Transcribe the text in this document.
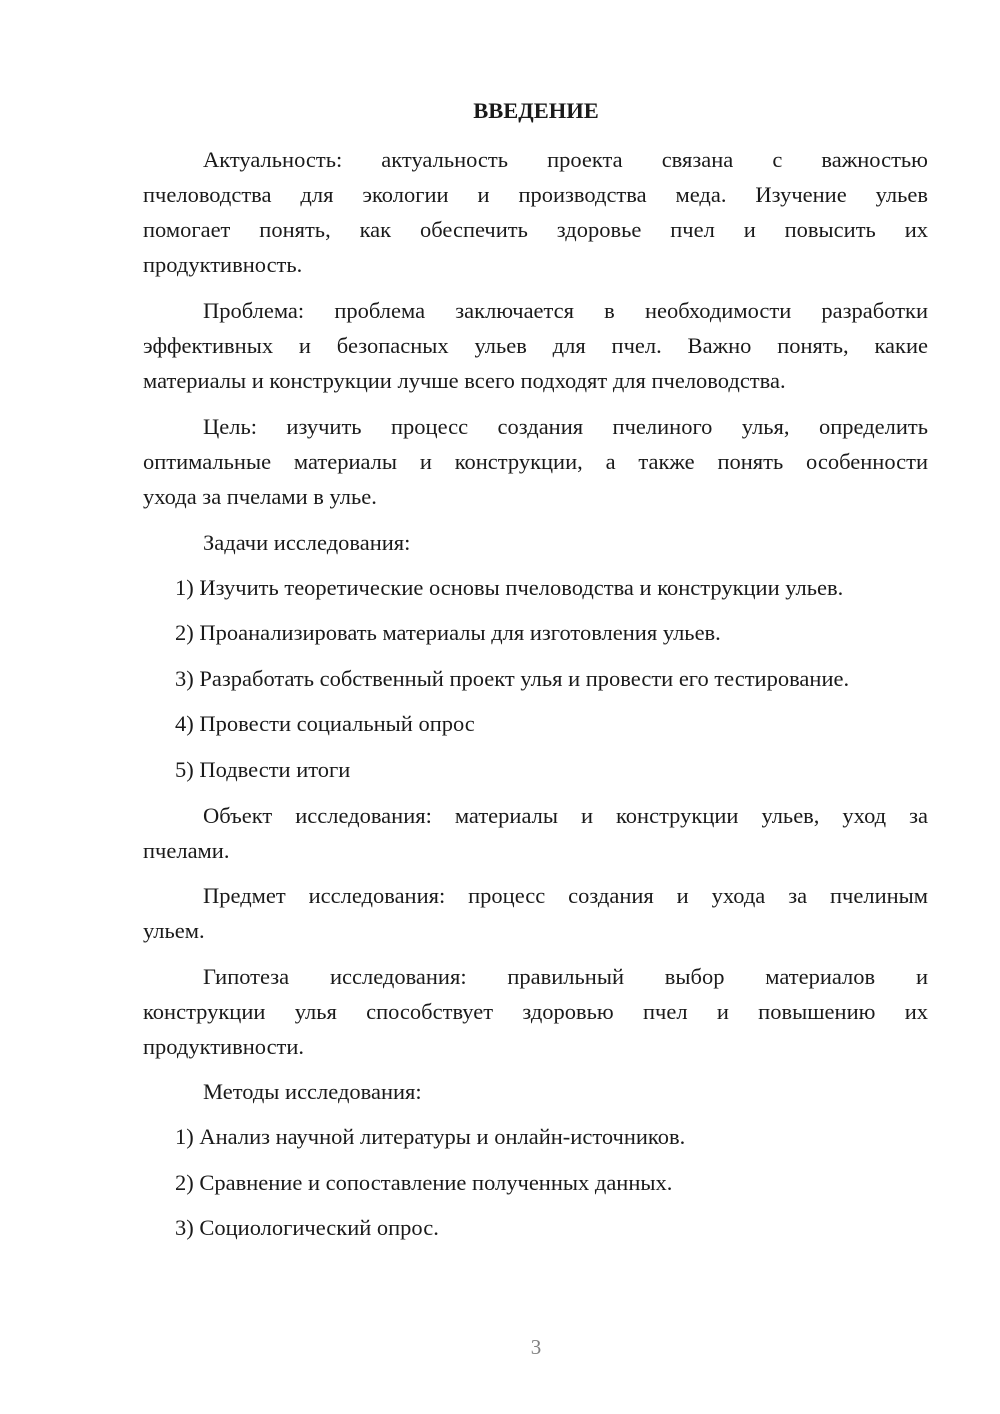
ВВЕДЕНИЕ
Актуальность: актуальность проекта связана с важностью
пчеловодства для экологии и производства меда. Изучение ульев
помогает понять, как обеспечить здоровье пчел и повысить их
продуктивность.
Проблема: проблема заключается в необходимости разработки
эффективных и безопасных ульев для пчел. Важно понять, какие
материалы и конструкции лучше всего подходят для пчеловодства.
Цель: изучить процесс создания пчелиного улья, определить
оптимальные материалы и конструкции, а также понять особенности
ухода за пчелами в улье.
Задачи исследования:
1) Изучить теоретические основы пчеловодства и конструкции ульев.
2) Проанализировать материалы для изготовления ульев.
3) Разработать собственный проект улья и провести его тестирование.
4) Провести социальный опрос
5) Подвести итоги
Объект исследования: материалы и конструкции ульев, уход за
пчелами.
Предмет исследования: процесс создания и ухода за пчелиным
ульем.
Гипотеза исследования: правильный выбор материалов и
конструкции улья способствует здоровью пчел и повышению их
продуктивности.
Методы исследования:
1) Анализ научной литературы и онлайн-источников.
2) Сравнение и сопоставление полученных данных.
3) Социологический опрос.
3
